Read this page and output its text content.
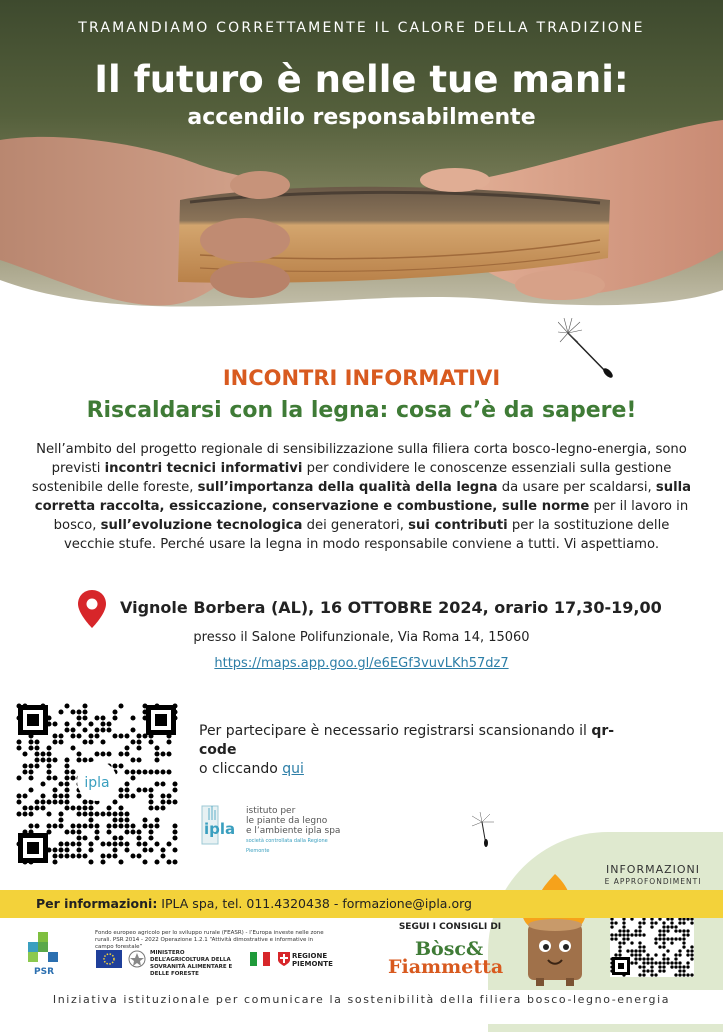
TRAMANDIAMO CORRETTAMENTE IL CALORE DELLA TRADIZIONE
Il futuro è nelle tue mani:
accendilo responsabilmente
INCONTRI INFORMATIVI
Riscaldarsi con la legna: cosa c’è da sapere!
Nell’ambito del progetto regionale di sensibilizzazione sulla filiera corta bosco-legno-energia, sono previsti incontri tecnici informativi per condividere le conoscenze essenziali sulla gestione sostenibile delle foreste, sull’importanza della qualità della legna da usare per scaldarsi, sulla corretta raccolta, essiccazione, conservazione e combustione, sulle norme per il lavoro in bosco, sull’evoluzione tecnologica dei generatori, sui contributi per la sostituzione delle vecchie stufe. Perché usare la legna in modo responsabile conviene a tutti. Vi aspettiamo.
Vignole Borbera (AL), 16 OTTOBRE 2024, orario 17,30-19,00
presso il Salone Polifunzionale, Via Roma 14, 15060
https://maps.app.goo.gl/e6EGf3vuvLKh57dz7
ipla
Per partecipare è necessario registrarsi scansionando il qr-code
o cliccando qui
ipla
istituto per
le piante da legno
e l’ambiente ipla spa
società controllata dalla Regione Piemonte
INFORMAZIONI
E APPROFONDIMENTI
SEGUI I CONSIGLI DI
Bòsc&
Fiammetta
Per informazioni: IPLA spa, tel. 011.4320438 - formazione@ipla.org
PSR
Fondo europeo agricolo per lo sviluppo rurale (FEASR) - l’Europa investe nelle zone rurali. PSR 2014 - 2022 Operazione 1.2.1 “Attività dimostrative e informative in campo forestale”
MINISTERO DELL’AGRICOLTURA DELLA SOVRANITÀ ALIMENTARE E DELLE FORESTE
REGIONE PIEMONTE
Iniziativa istituzionale per comunicare la sostenibilità della filiera bosco-legno-energia
